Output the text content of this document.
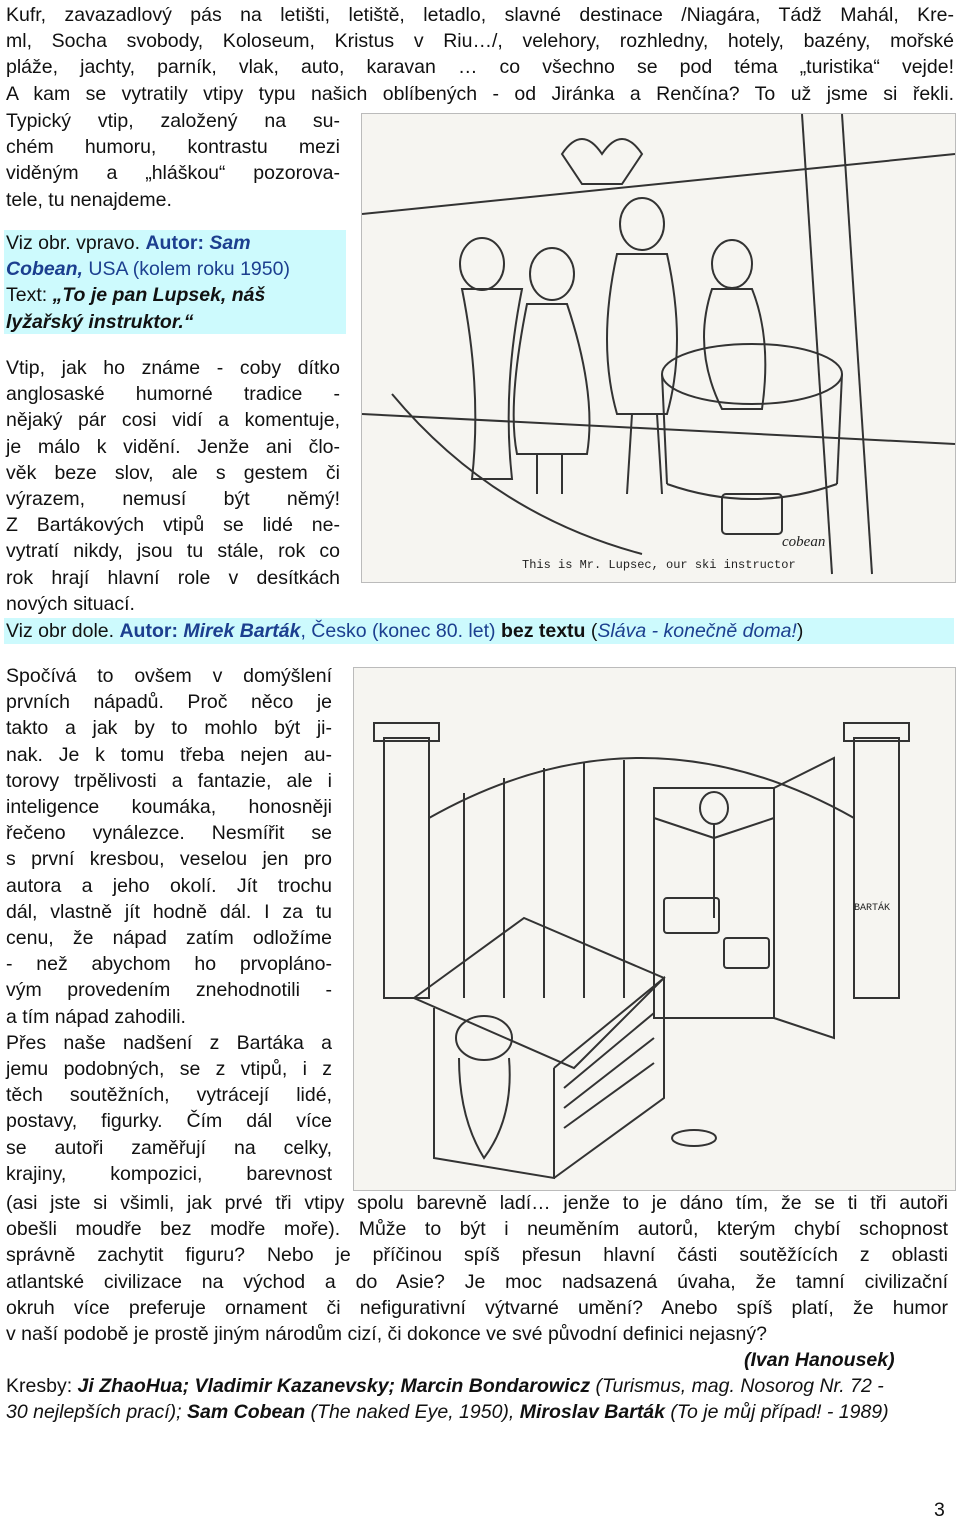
Kufr, zavazadlový pás na letišti, letiště, letadlo, slavné destinace /Niagára, Tádž Mahál, Kre-
ml, Socha svobody, Koloseum, Kristus v Riu…/, velehory, rozhledny, hotely, bazény, mořské
pláže, jachty, parník, vlak, auto, karavan … co všechno se pod téma „turistika“ vejde!
A kam se vytratily vtipy typu našich oblíbených - od Jiránka a Renčína? To už jsme si řekli.
Typický vtip, založený na su-
chém humoru, kontrastu mezi
viděným a „hláškou“ pozorova-
tele, tu nenajdeme.
Viz obr. vpravo. Autor: Sam
Cobean, USA (kolem roku 1950)
Text: „To je pan Lupsek, náš
lyžařský instruktor.“
Vtip, jak ho známe - coby dítko
anglosaské humorné tradice -
nějaký pár cosi vidí a komentuje,
je málo k vidění. Jenže ani člo-
věk beze slov, ale s gestem či
výrazem, nemusí být němý!
Z Bartákových vtipů se lidé ne-
vytratí nikdy, jsou tu stále, rok co
rok hrají hlavní role v desítkách
nových situací.
This is Mr. Lupsec, our ski instructor
cobean
Viz obr dole. Autor: Mirek Barták, Česko (konec 80. let) bez textu (Sláva - konečně doma!)
Spočívá to ovšem v domýšlení
prvních nápadů. Proč něco je
takto a jak by to mohlo být ji-
nak. Je k tomu třeba nejen au-
torovy trpělivosti a fantazie, ale i
inteligence koumáka, honosněji
řečeno vynálezce. Nesmířit se
s první kresbou, veselou jen pro
autora a jeho okolí. Jít trochu
dál, vlastně jít hodně dál. I za tu
cenu, že nápad zatím odložíme
- než abychom ho prvopláno-
vým provedením znehodnotili -
a tím nápad zahodili.
Přes naše nadšení z Bartáka a
jemu podobných, se z vtipů, i z
těch soutěžních, vytrácejí lidé,
postavy, figurky. Čím dál více
se autoři zaměřují na celky,
krajiny, kompozici, barevnost
BARTÁK
(asi jste si všimli, jak prvé tři vtipy spolu barevně ladí… jenže to je dáno tím, že se ti tři autoři
obešli moudře bez modře moře). Může to být i neuměním autorů, kterým chybí schopnost
správně zachytit figuru? Nebo je příčinou spíš přesun hlavní části soutěžících z oblasti
atlantské civilizace na východ a do Asie? Je moc nadsazená úvaha, že tamní civilizační
okruh více preferuje ornament či nefigurativní výtvarné umění? Anebo spíš platí, že humor
v naší podobě je prostě jiným národům cizí, či dokonce ve své původní definici nejasný?
(Ivan Hanousek)
Kresby: Ji ZhaoHua; Vladimir Kazanevsky; Marcin Bondarowicz (Turismus, mag. Nosorog Nr. 72 -
30 nejlepších prací); Sam Cobean (The naked Eye, 1950), Miroslav Barták (To je můj případ! - 1989)
3
